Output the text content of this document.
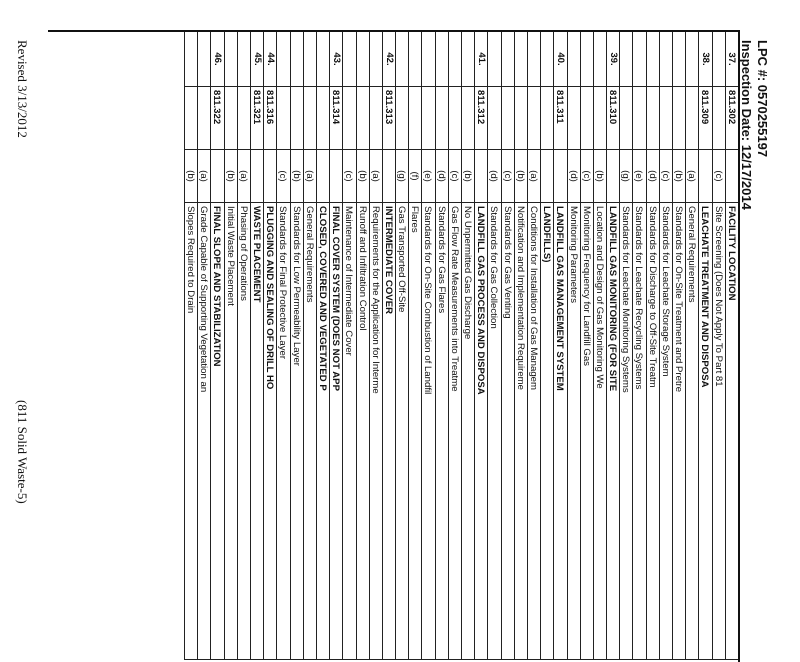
LPC #: 0570255197
Inspection Date: 12/17/2014
37.	811.302		FACILITY LOCATION
		(c)	Site Screening (Does Not Apply To Part 81
38.	811.309		LEACHATE TREATMENT AND DISPOSA
		(a)	General Requirements
		(b)	Standards for On-Site Treatment and Pretre
		(c)	Standards for Leachate Storage System
		(d)	Standards for Discharge to Off-Site Treatm
		(e)	Standards for Leachate Recycling Systems
		(g)	Standards for Leachate Monitoring Systems
39.	811.310		LANDFILL GAS MONITORING (FOR SITE
		(b)	Location and Design of Gas Monitoring We
		(c)	Monitoring Frequency for Landfill Gas
		(d)	Monitoring Parameters
40.	811.311		LANDFILL GAS MANAGEMENT SYSTEM
			LANDFILLS)
		(a)	Conditions for Installation of Gas Managem
		(b)	Notification and Implementation Requireme
		(c)	Standards for Gas Venting
		(d)	Standards for Gas Collection
41.	811.312		LANDFILL GAS PROCESS AND DISPOSA
		(b)	No Unpermitted Gas Discharge
		(c)	Gas Flow Rate Measurements into Treatme
		(d)	Standards for Gas Flares
		(e)	Standards for On-Site Combustion of Landfil
		(f)	Flares
		(g)	Gas Transported Off-Site
42.	811.313		INTERMEDIATE COVER
		(a)	Requirements for the Application for Interme
		(b)	Runoff and Infiltration Control
		(c)	Maintenance of Intermediate Cover
43.	811.314		FINAL COVER SYSTEM (DOES NOT APP
			CLOSED, COVERED AND VEGETATED P
		(a)	General Requirements
		(b)	Standards for Low Permeability Layer
		(c)	Standards for Final Protective Layer
44.	811.316		PLUGGING AND SEALING OF DRILL HO
45.	811.321		WASTE PLACEMENT
		(a)	Phasing of Operations
		(b)	Initial Waste Placement
46.	811.322		FINAL SLOPE AND STABILIZATION
		(a)	Grade Capable of Supporting Vegetation an
		(b)	Slopes Required to Drain
Revised 3/13/2012
(811 Solid Waste-5)
